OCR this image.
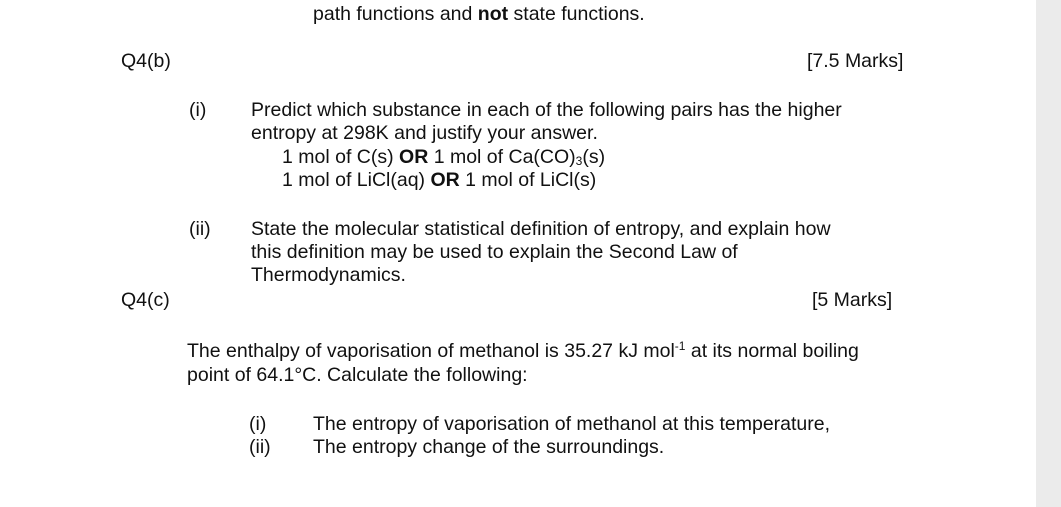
path functions and not state functions.
Q4(b)	[7.5 Marks]
(i) Predict which substance in each of the following pairs has the higher
entropy at 298K and justify your answer.
1 mol of C(s) OR 1 mol of $Ca(CO)_3(s)$
1 mol of LiCl(aq) OR 1 mol of LiCl(s)
(ii) State the molecular statistical definition of entropy, and explain how
this definition may be used to explain the Second Law of
Thermodynamics.
Q4(c)	[5 Marks]
The enthalpy of vaporisation of methanol is 35.27 kJ mol$^{-1}$ at its normal boiling
point of 64.1°C. Calculate the following:
(i) The entropy of vaporisation of methanol at this temperature,
(ii) The entropy change of the surroundings.
